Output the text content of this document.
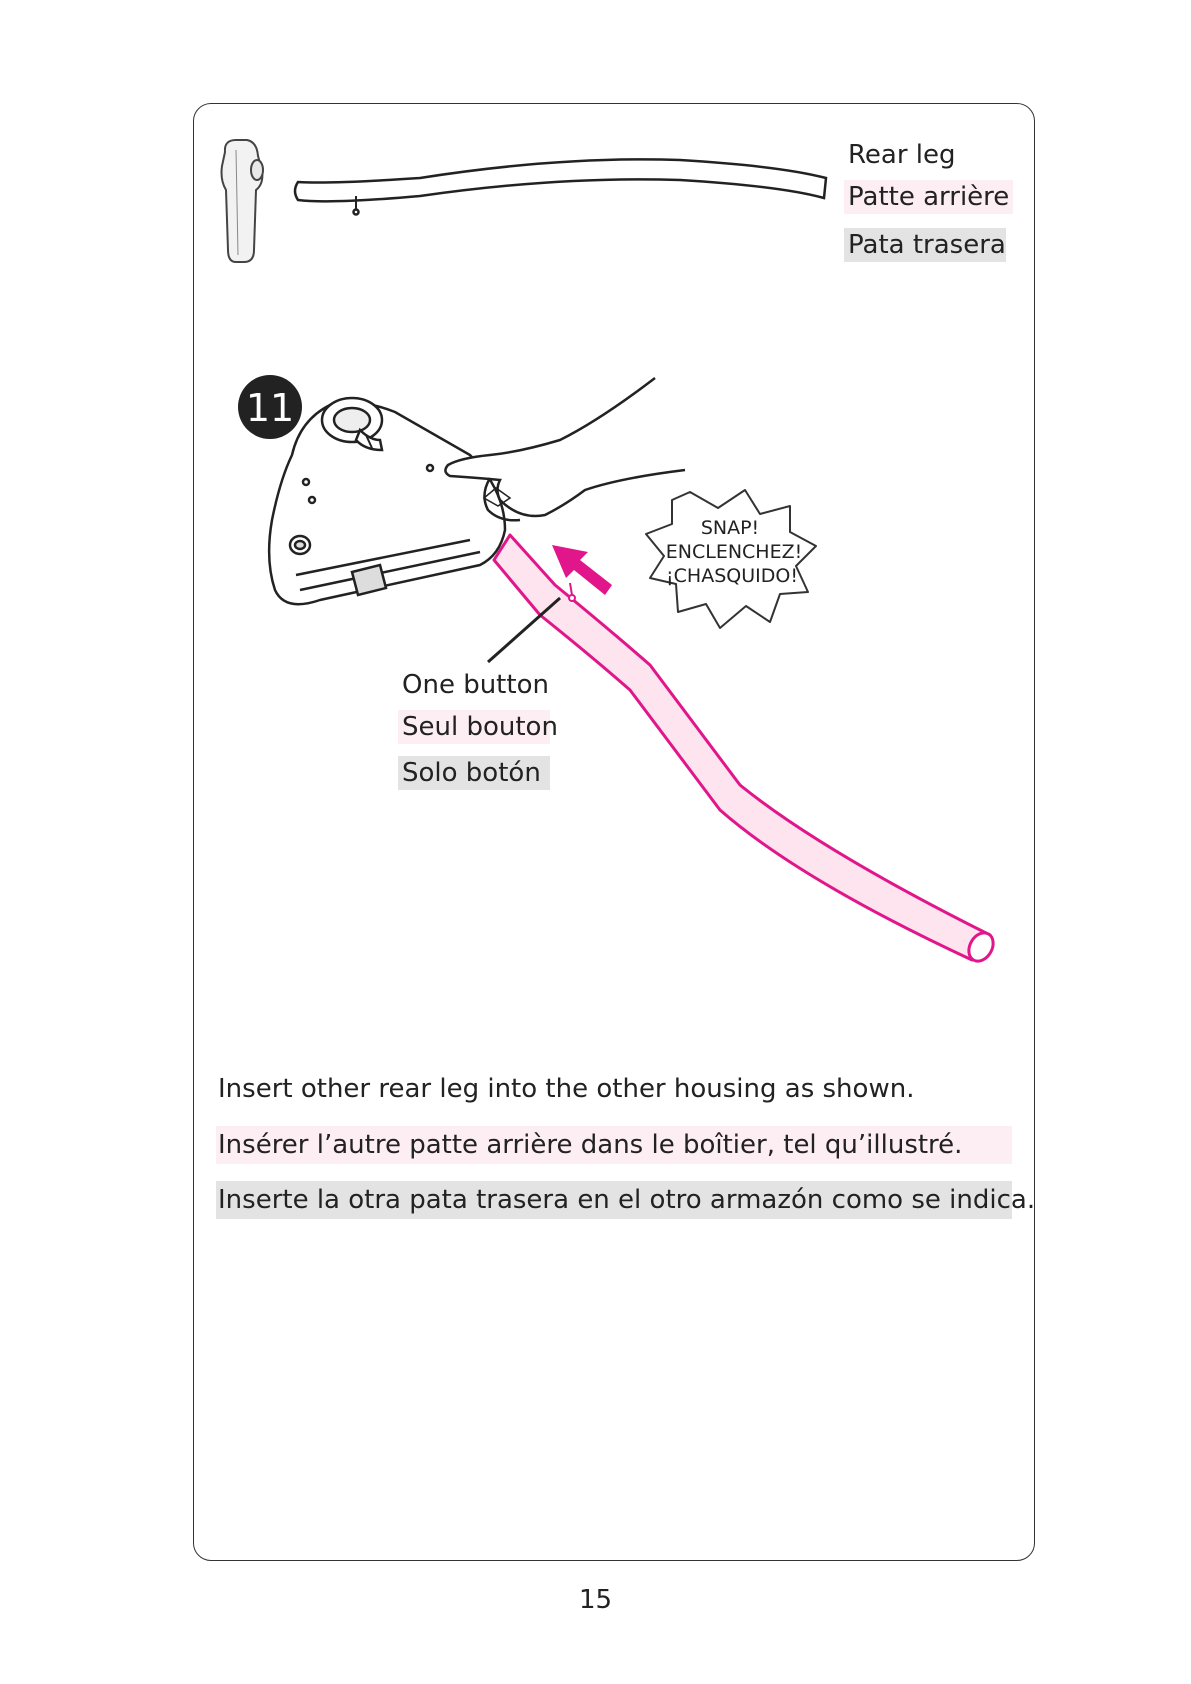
11
SNAP!
ENCLENCHEZ!
¡CHASQUIDO!
Rear leg
Patte arrière
Pata trasera
One button
Seul bouton
Solo botón
Insert other rear leg into the other housing as shown.
Insérer l’autre patte arrière dans le boîtier, tel qu’illustré.
Inserte la otra pata trasera en el otro armazón como se indica.
15
